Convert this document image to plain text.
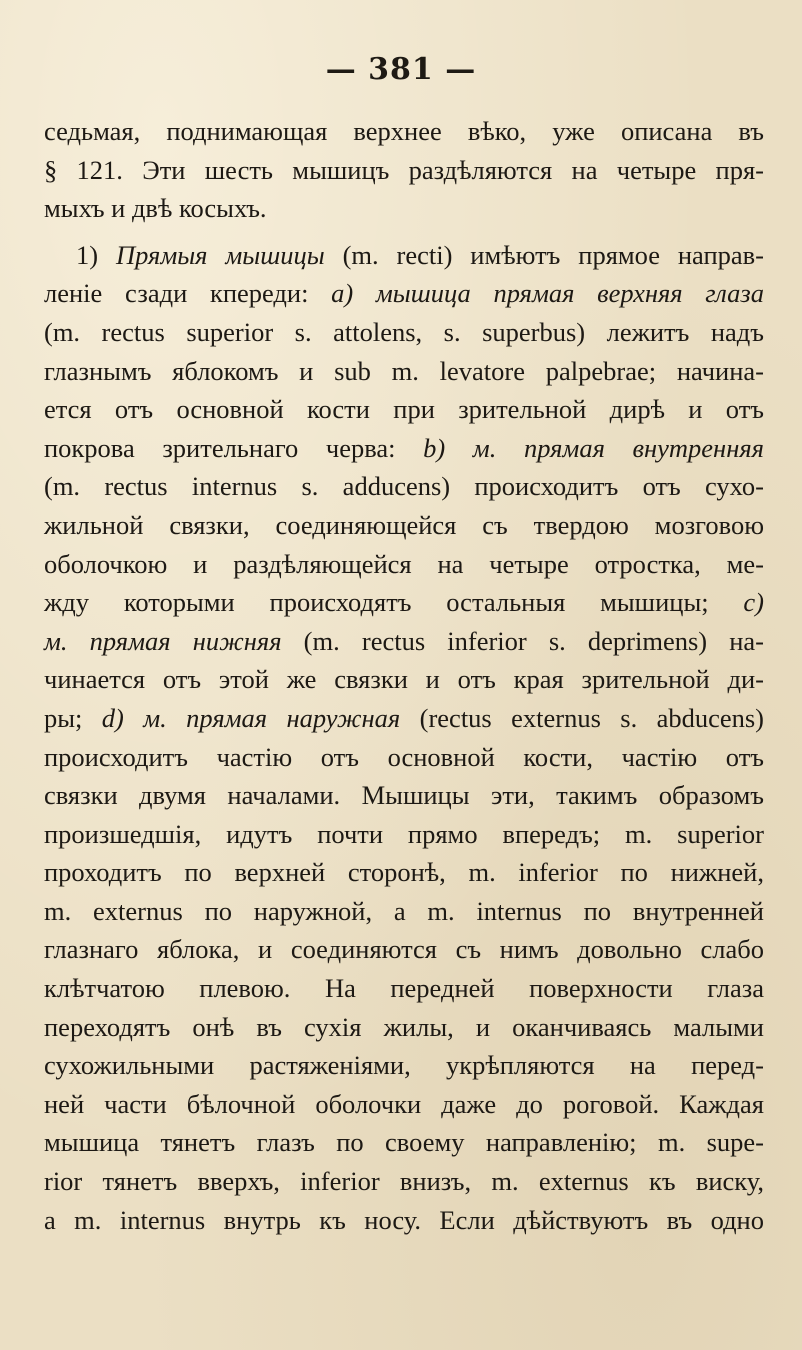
— 381 —
седьмая, поднимающая верхнее вѣко, уже описана въ
§ 121. Эти шесть мышицъ раздѣляются на четыре пря-
мыхъ и двѣ косыхъ.
1) Прямыя мышицы (m. recti) имѣютъ прямое направ-
леніе сзади кпереди: a) мышица прямая верхняя глаза
(m. rectus superior s. attolens, s. superbus) лежитъ надъ
глазнымъ яблокомъ и sub m. levatore palpebrae; начина-
ется отъ основной кости при зрительной дирѣ и отъ
покрова зрительнаго черва: b) м. прямая внутренняя
(m. rectus internus s. adducens) происходитъ отъ сухо-
жильной связки, соединяющейся съ твердою мозговою
оболочкою и раздѣляющейся на четыре отростка, ме-
жду которыми происходятъ остальныя мышицы; c)
м. прямая нижняя (m. rectus inferior s. deprimens) на-
чинается отъ этой же связки и отъ края зрительной ди-
ры; d) м. прямая наружная (rectus externus s. abducens)
происходитъ частію отъ основной кости, частію отъ
связки двумя началами. Мышицы эти, такимъ образомъ
произшедшія, идутъ почти прямо впередъ; m. superior
проходитъ по верхней сторонѣ, m. inferior по нижней,
m. externus по наружной, а m. internus по внутренней
глазнаго яблока, и соединяются съ нимъ довольно слабо
клѣтчатою плевою. На передней поверхности глаза
переходятъ онѣ въ сухія жилы, и оканчиваясь малыми
сухожильными растяженіями, укрѣпляются на перед-
ней части бѣлочной оболочки даже до роговой. Каждая
мышица тянетъ глазъ по своему направленію; m. supe-
rior тянетъ вверхъ, inferior внизъ, m. externus къ виску,
а m. internus внутрь къ носу. Если дѣйствуютъ въ одно
